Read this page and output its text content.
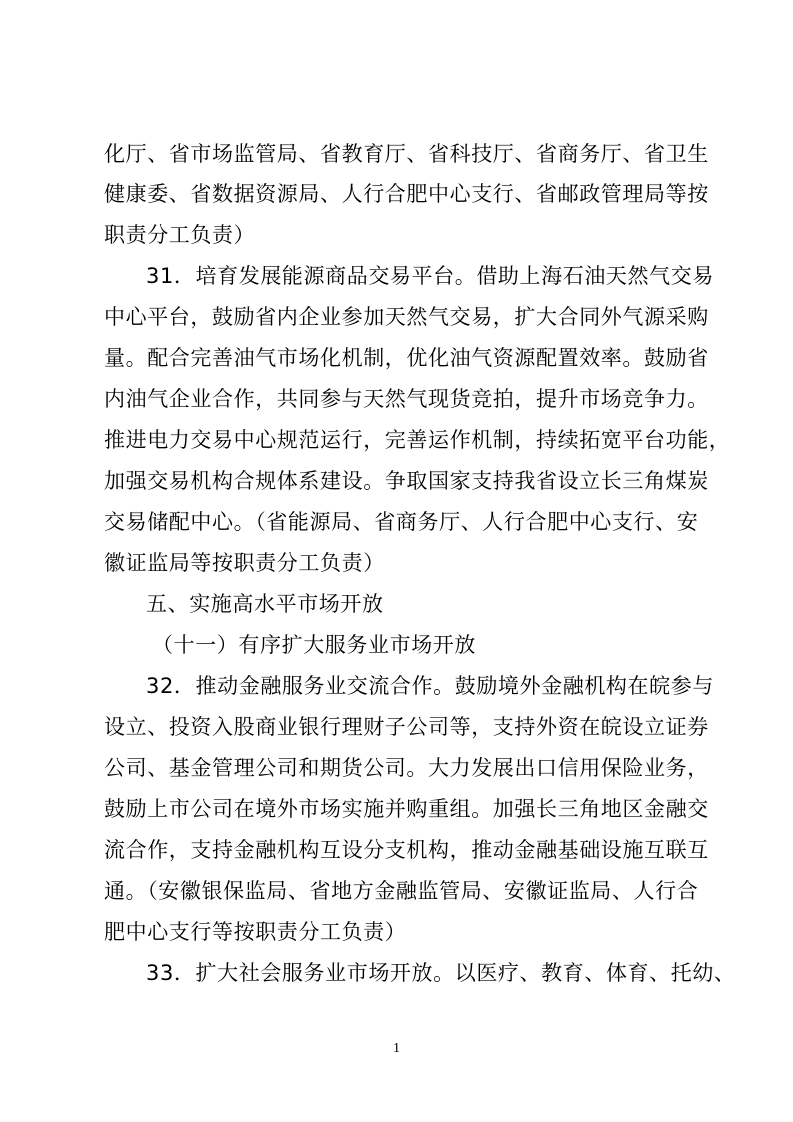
化厅、省市场监管局、省教育厅、省科技厅、省商务厅、省卫生
健康委、省数据资源局、人行合肥中心支行、省邮政管理局等按
职责分工负责）
31．培育发展能源商品交易平台。借助上海石油天然气交易
中心平台，鼓励省内企业参加天然气交易，扩大合同外气源采购
量。配合完善油气市场化机制，优化油气资源配置效率。鼓励省
内油气企业合作，共同参与天然气现货竞拍，提升市场竞争力。
推进电力交易中心规范运行，完善运作机制，持续拓宽平台功能，
加强交易机构合规体系建设。争取国家支持我省设立长三角煤炭
交易储配中心。（省能源局、省商务厅、人行合肥中心支行、安
徽证监局等按职责分工负责）
五、实施高水平市场开放
（十一）有序扩大服务业市场开放
32．推动金融服务业交流合作。鼓励境外金融机构在皖参与
设立、投资入股商业银行理财子公司等，支持外资在皖设立证券
公司、基金管理公司和期货公司。大力发展出口信用保险业务，
鼓励上市公司在境外市场实施并购重组。加强长三角地区金融交
流合作，支持金融机构互设分支机构，推动金融基础设施互联互
通。（安徽银保监局、省地方金融监管局、安徽证监局、人行合
肥中心支行等按职责分工负责）
33．扩大社会服务业市场开放。以医疗、教育、体育、托幼、
1
